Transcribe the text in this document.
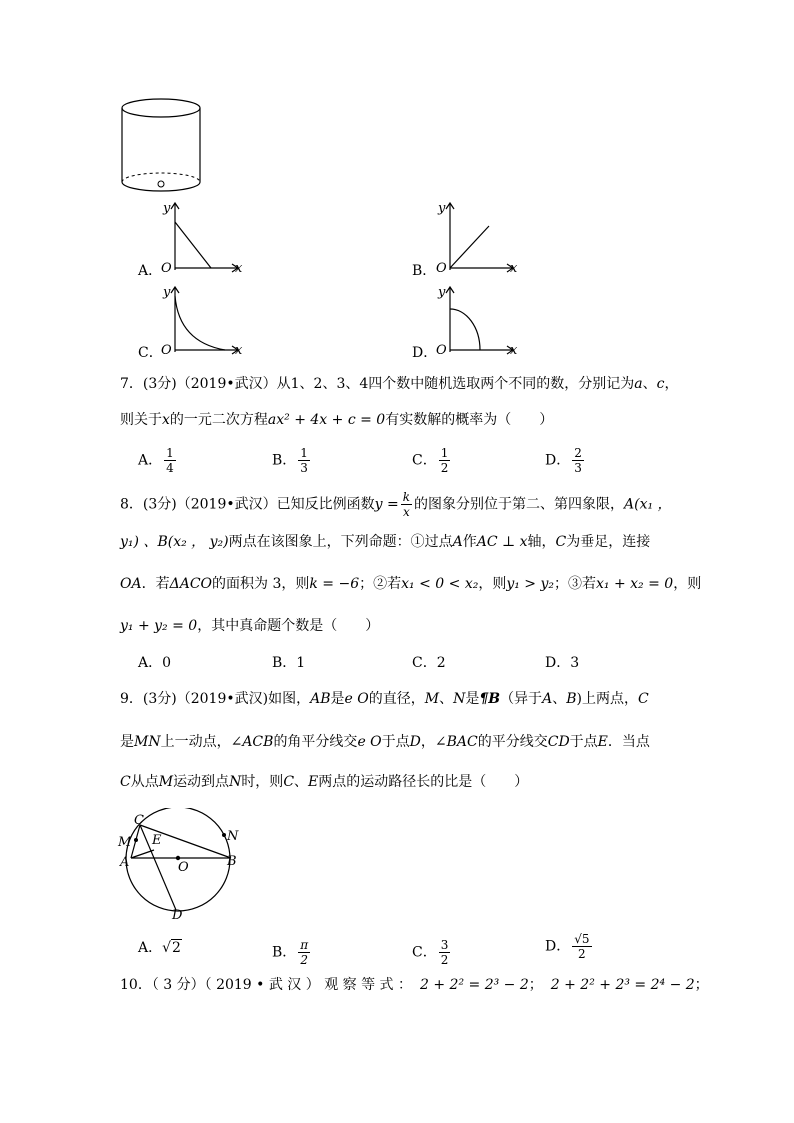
y
x
O
A．
y
x
O
B．
y
x
O
C．
y
x
O
D．
7．(3分)（2019•武汉）从1、2、3、4四个数中随机选取两个不同的数，分别记为a、c，
则关于x的一元二次方程ax² + 4x + c = 0有实数解的概率为（　　）
A． $\frac{1}{4}$	B． $\frac{1}{3}$	C． $\frac{1}{2}$	D． $\frac{2}{3}$
8．(3分)（2019•武汉）已知反比例函数$y = \frac{k}{x}$ 的图象分别位于第二、第四象限，A(x₁ ，
y₁) 、B(x₂ ， y₂)两点在该图象上，下列命题：①过点A作AC ⊥ x轴，C为垂足，连接
OA．若ΔACO的面积为 3，则k = −6；②若x₁ < 0 < x₂，则y₁ > y₂；③若x₁ + x₂ = 0，则
y₁ + y₂ = 0，其中真命题个数是（　　）
A．0	B．1	C．2	D．3
9．(3分)（2019•武汉)如图，AB是e O的直径，M、N是¶B（异于A、B)上两点，C
是MN上一动点，∠ACB的角平分线交e O于点D，∠BAC的平分线交CD于点E．当点
C从点M运动到点N时，则C、E两点的运动路径长的比是（　　）
C
M
A
E
O	B
N
D
A．√2	B． $\frac{\pi}{2}$	C． $\frac{3}{2}$	D． $\frac{√5}{2}$
10．（ 3 分）（ 2019 • 武 汉 ） 观 察 等 式 ： 2 + 2² = 2³ − 2； 2 + 2² + 2³ = 2⁴ − 2；
